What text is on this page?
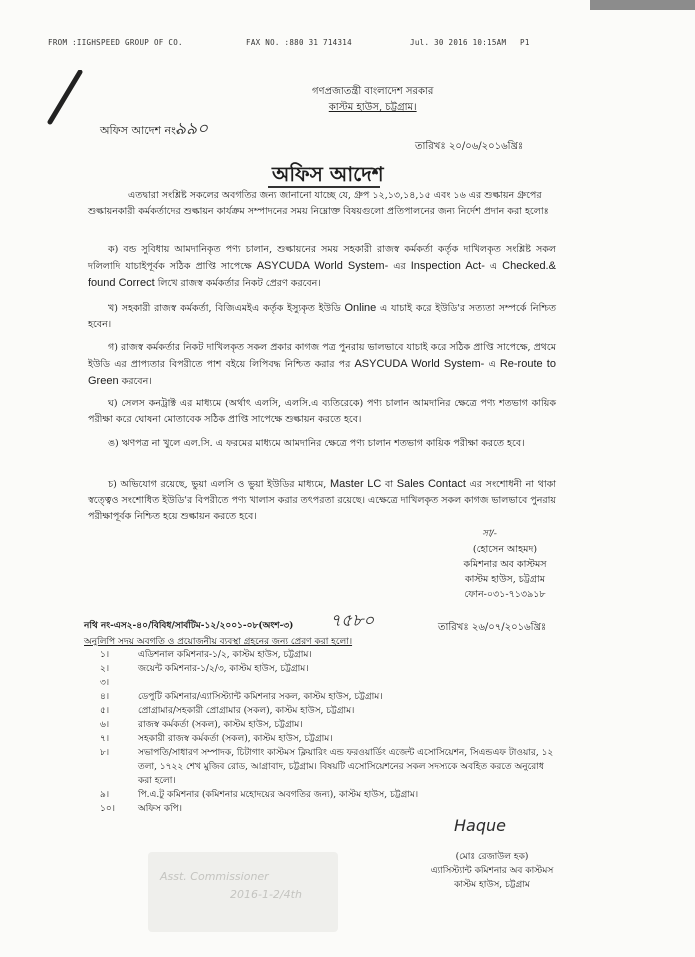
FROM :IIGHSPEED GROUP OF CO.	FAX NO. :880 31 714314	Jul. 30 2016 10:15AM P1
গণপ্রজাতন্ত্রী বাংলাদেশ সরকার
কাস্টম হাউস, চট্টগ্রাম।
অফিস আদেশ নং-
৯৯০
তারিখঃ ২০/০৬/২০১৬খ্রিঃ
অফিস আদেশ
এতদ্বারা সংশ্লিষ্ট সকলের অবগতির জন্য জানানো যাচ্ছে যে, গ্রুপ ১২,১৩,১৪,১৫ এবং ১৬ এর শুল্কায়ন গ্রুপের শুল্কায়নকারী কর্মকর্তাদের শুল্কায়ন কার্যক্রম সম্পাদনের সময় নিম্নোক্ত বিষয়গুলো প্রতিপালনের জন্য নির্দেশ প্রদান করা হলোঃ
ক) বন্ড সুবিধায় আমদানিকৃত পণ্য চালান, শুল্কায়নের সময় সহকারী রাজস্ব কর্মকর্তা কর্তৃক দাখিলকৃত সংশ্লিষ্ট সকল দলিলাদি যাচাইপূর্বক সঠিক প্রাপ্তি সাপেক্ষে ASYCUDA World System- এর Inspection Act- এ Checked.& found Correct লিখে রাজস্ব কর্মকর্তার নিকট প্রেরণ করবেন।
খ) সহকারী রাজস্ব কর্মকর্তা, বিজিএমইএ কর্তৃক ইস্যুকৃত ইউডি Online এ যাচাই করে ইউডি'র সত্যতা সম্পর্কে নিশ্চিত হবেন।
গ) রাজস্ব কর্মকর্তার নিকট দাখিলকৃত সকল প্রকার কাগজ পত্র পুনরায় ভালভাবে যাচাই করে সঠিক প্রাপ্তি সাপেক্ষে, প্রথমে ইউডি এর প্রাপ্যতার বিপরীতে পাশ বইয়ে লিপিবদ্ধ নিশ্চিত করার পর ASYCUDA World System- এ Re-route to Green করবেন।
ঘ) সেলস কনট্রাক্ট এর মাধ্যমে (অর্থাৎ এলসি, এলসি.এ ব্যতিরেকে) পণ্য চালান আমদানির ক্ষেত্রে পণ্য শতভাগ কায়িক পরীক্ষা করে ঘোষনা মোতাবেক সঠিক প্রাপ্তি সাপেক্ষে শুল্কায়ন করতে হবে।
ঙ) ঋণপত্র না খুলে এল.সি. এ ফরমের মাধ্যমে আমদানির ক্ষেত্রে পণ্য চালান শতভাগ কায়িক পরীক্ষা করতে হবে।
চ) অভিযোগ রয়েছে, ভুয়া এলসি ও ভুয়া ইউডির মাধ্যমে, Master LC বা Sales Contact এর সংশোধনী না থাকা স্বত্ত্বেও সংশোধিত ইউডি'র বিপরীতে পণ্য খালাস করার তৎপরতা রয়েছে। এক্ষেত্রে দাখিলকৃত সকল কাগজ ভালভাবে পুনরায় পরীক্ষাপূর্বক নিশ্চিত হয়ে শুল্কায়ন করতে হবে।
সা/-
(হোসেন আহমদ)
কমিশনার অব কাস্টমস
কাস্টম হাউস, চট্টগ্রাম
ফোন-০৩১-৭১৩৯১৮
নথি নং-এস২-৪০/বিবিধ/সার্বটিম-১২/২০০১-০৮(অংশ-৩) ৭৫৮০	তারিখঃ ২৬/০৭/২০১৬খ্রিঃ
অনুলিপি সদয় অবগতি ও প্রয়োজনীয় ব্যবস্থা গ্রহনের জন্য প্রেরণ করা হলো।
১।	এডিশনাল কমিশনার-১/২, কাস্টম হাউস, চট্টগ্রাম।
২।	জয়েন্ট কমিশনার-১/২/৩, কাস্টম হাউস, চট্টগ্রাম।
৩।

৪।	ডেপুটি কমিশনার/এ্যাসিস্ট্যান্ট কমিশনার সকল, কাস্টম হাউস, চট্টগ্রাম।
৫।	প্রোগ্রামার/সহকারী প্রোগ্রামার (সকল), কাস্টম হাউস, চট্টগ্রাম।
৬।	রাজস্ব কর্মকর্তা (সকল), কাস্টম হাউস, চট্টগ্রাম।
৭।	সহকারী রাজস্ব কর্মকর্তা (সকল), কাস্টম হাউস, চট্টগ্রাম।
৮।	সভাপতি/সাধারণ সম্পাদক, চিটাগাং কাস্টমস ক্লিয়ারিং এন্ড ফরওয়ার্ডিং এজেন্ট এসোসিয়েশন, সিএন্ডএফ টাওয়ার, ১২ তলা, ১৭২২ শেখ মুজিব রোড, আগ্রাবাদ, চট্টগ্রাম। বিষয়টি এসোসিয়েশনের সকল সদস্যকে অবহিত করতে অনুরোধ করা হলো।
৯।	পি.এ.টু কমিশনার (কমিশনার মহোদয়ের অবগতির জন্য), কাস্টম হাউস, চট্টগ্রাম।
১০।	অফিস কপি।
Haque
(মোঃ রেজাউল হক)
এ্যাসিস্ট্যান্ট কমিশনার অব কাস্টমস
কাস্টম হাউস, চট্টগ্রাম
Asst. Commissioner
2016-1-2/4th
